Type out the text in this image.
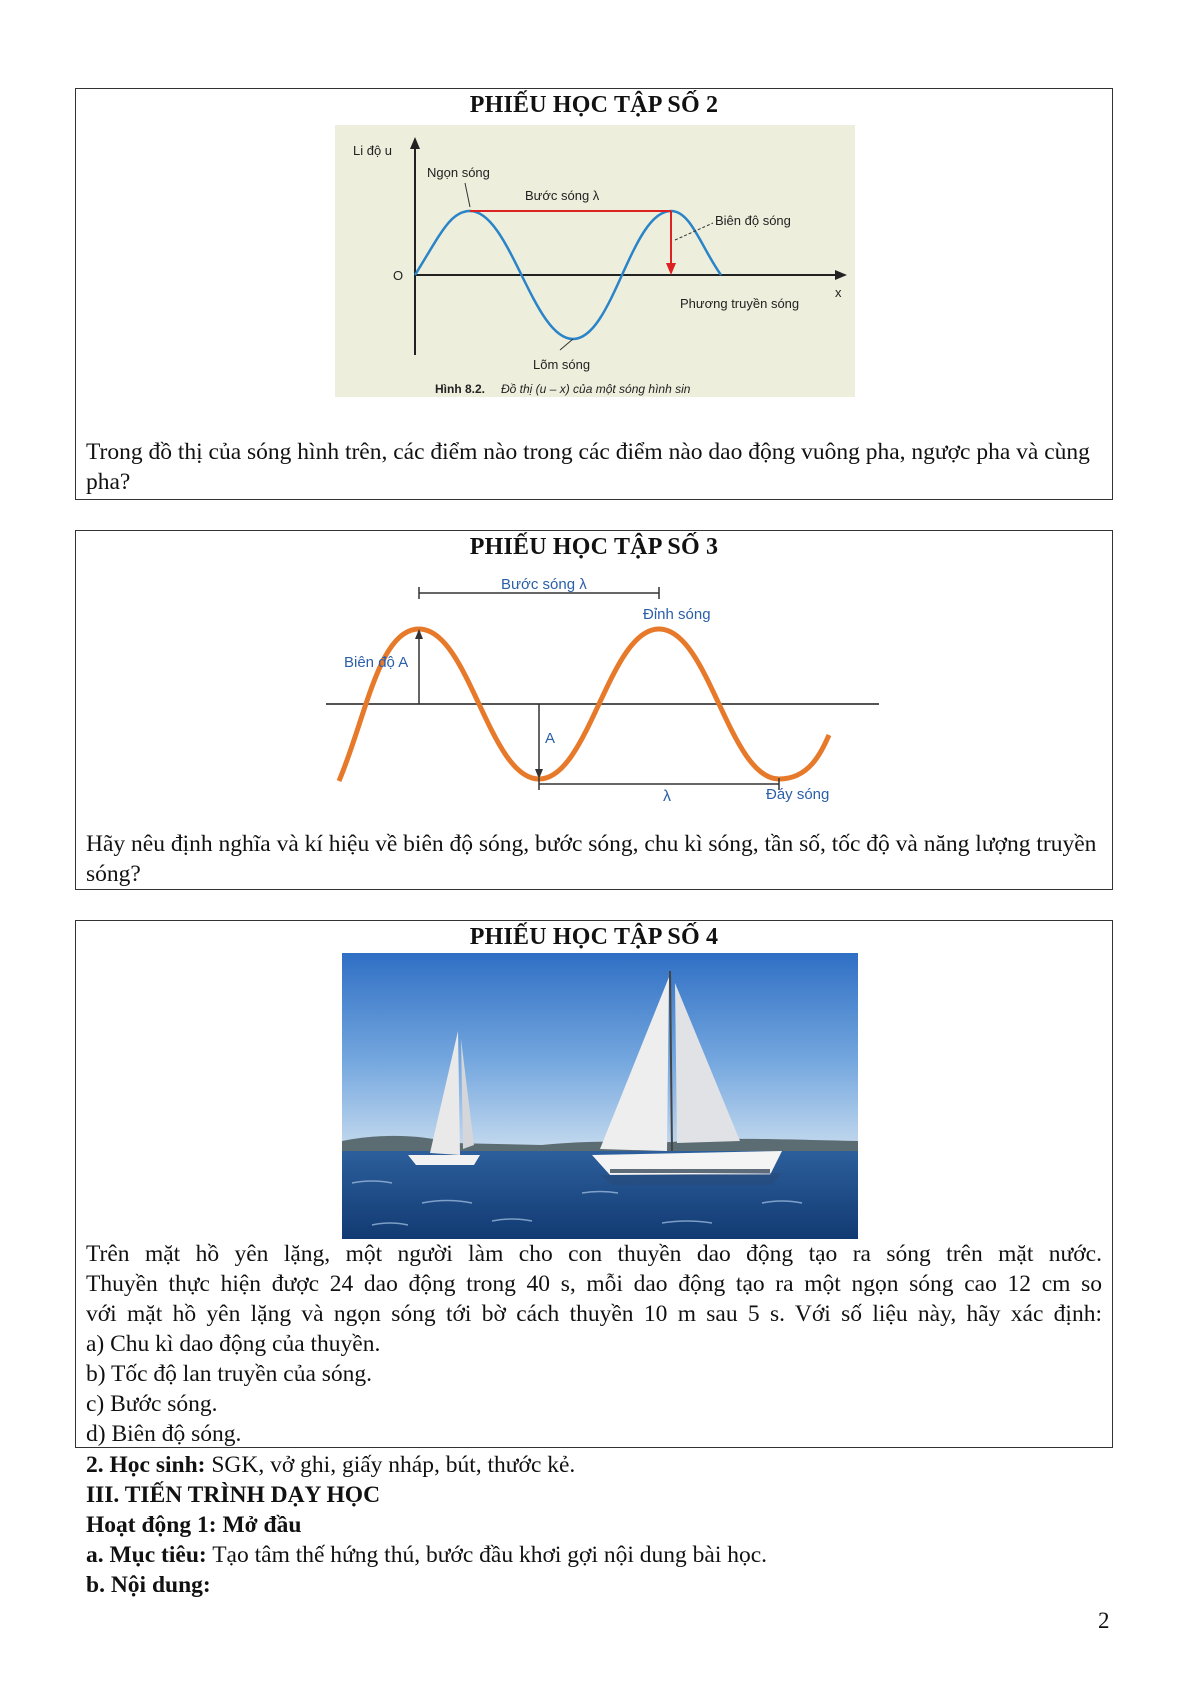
PHIẾU HỌC TẬP SỐ 2
Li độ u
x
O
Ngọn sóng
Bước sóng λ
Biên độ sóng
Phương truyền sóng
Lõm sóng
Hình 8.2. Đồ thị (u – x) của một sóng hình sin
Trong đồ thị của sóng hình trên, các điểm nào trong các điểm nào dao động vuông pha, ngược pha và cùng pha?
PHIẾU HỌC TẬP SỐ 3
Bước sóng λ
Đỉnh sóng
Biên độ A
A
λ	Đáy sóng
Hãy nêu định nghĩa và kí hiệu về biên độ sóng, bước sóng, chu kì sóng, tần số, tốc độ và năng lượng truyền sóng?
PHIẾU HỌC TẬP SỐ 4
Trên mặt hồ yên lặng, một người làm cho con thuyền dao động tạo ra sóng trên mặt nước.
Thuyền thực hiện được 24 dao động trong 40 s, mỗi dao động tạo ra một ngọn sóng cao 12 cm so
với mặt hồ yên lặng và ngọn sóng tới bờ cách thuyền 10 m sau 5 s. Với số liệu này, hãy xác định:
a) Chu kì dao động của thuyền.
b) Tốc độ lan truyền của sóng.
c) Bước sóng.
d) Biên độ sóng.
2. Học sinh: SGK, vở ghi, giấy nháp, bút, thước kẻ.
III. TIẾN TRÌNH DẠY HỌC
Hoạt động 1: Mở đầu
a. Mục tiêu: Tạo tâm thế hứng thú, bước đầu khơi gợi nội dung bài học.
b. Nội dung:
2
